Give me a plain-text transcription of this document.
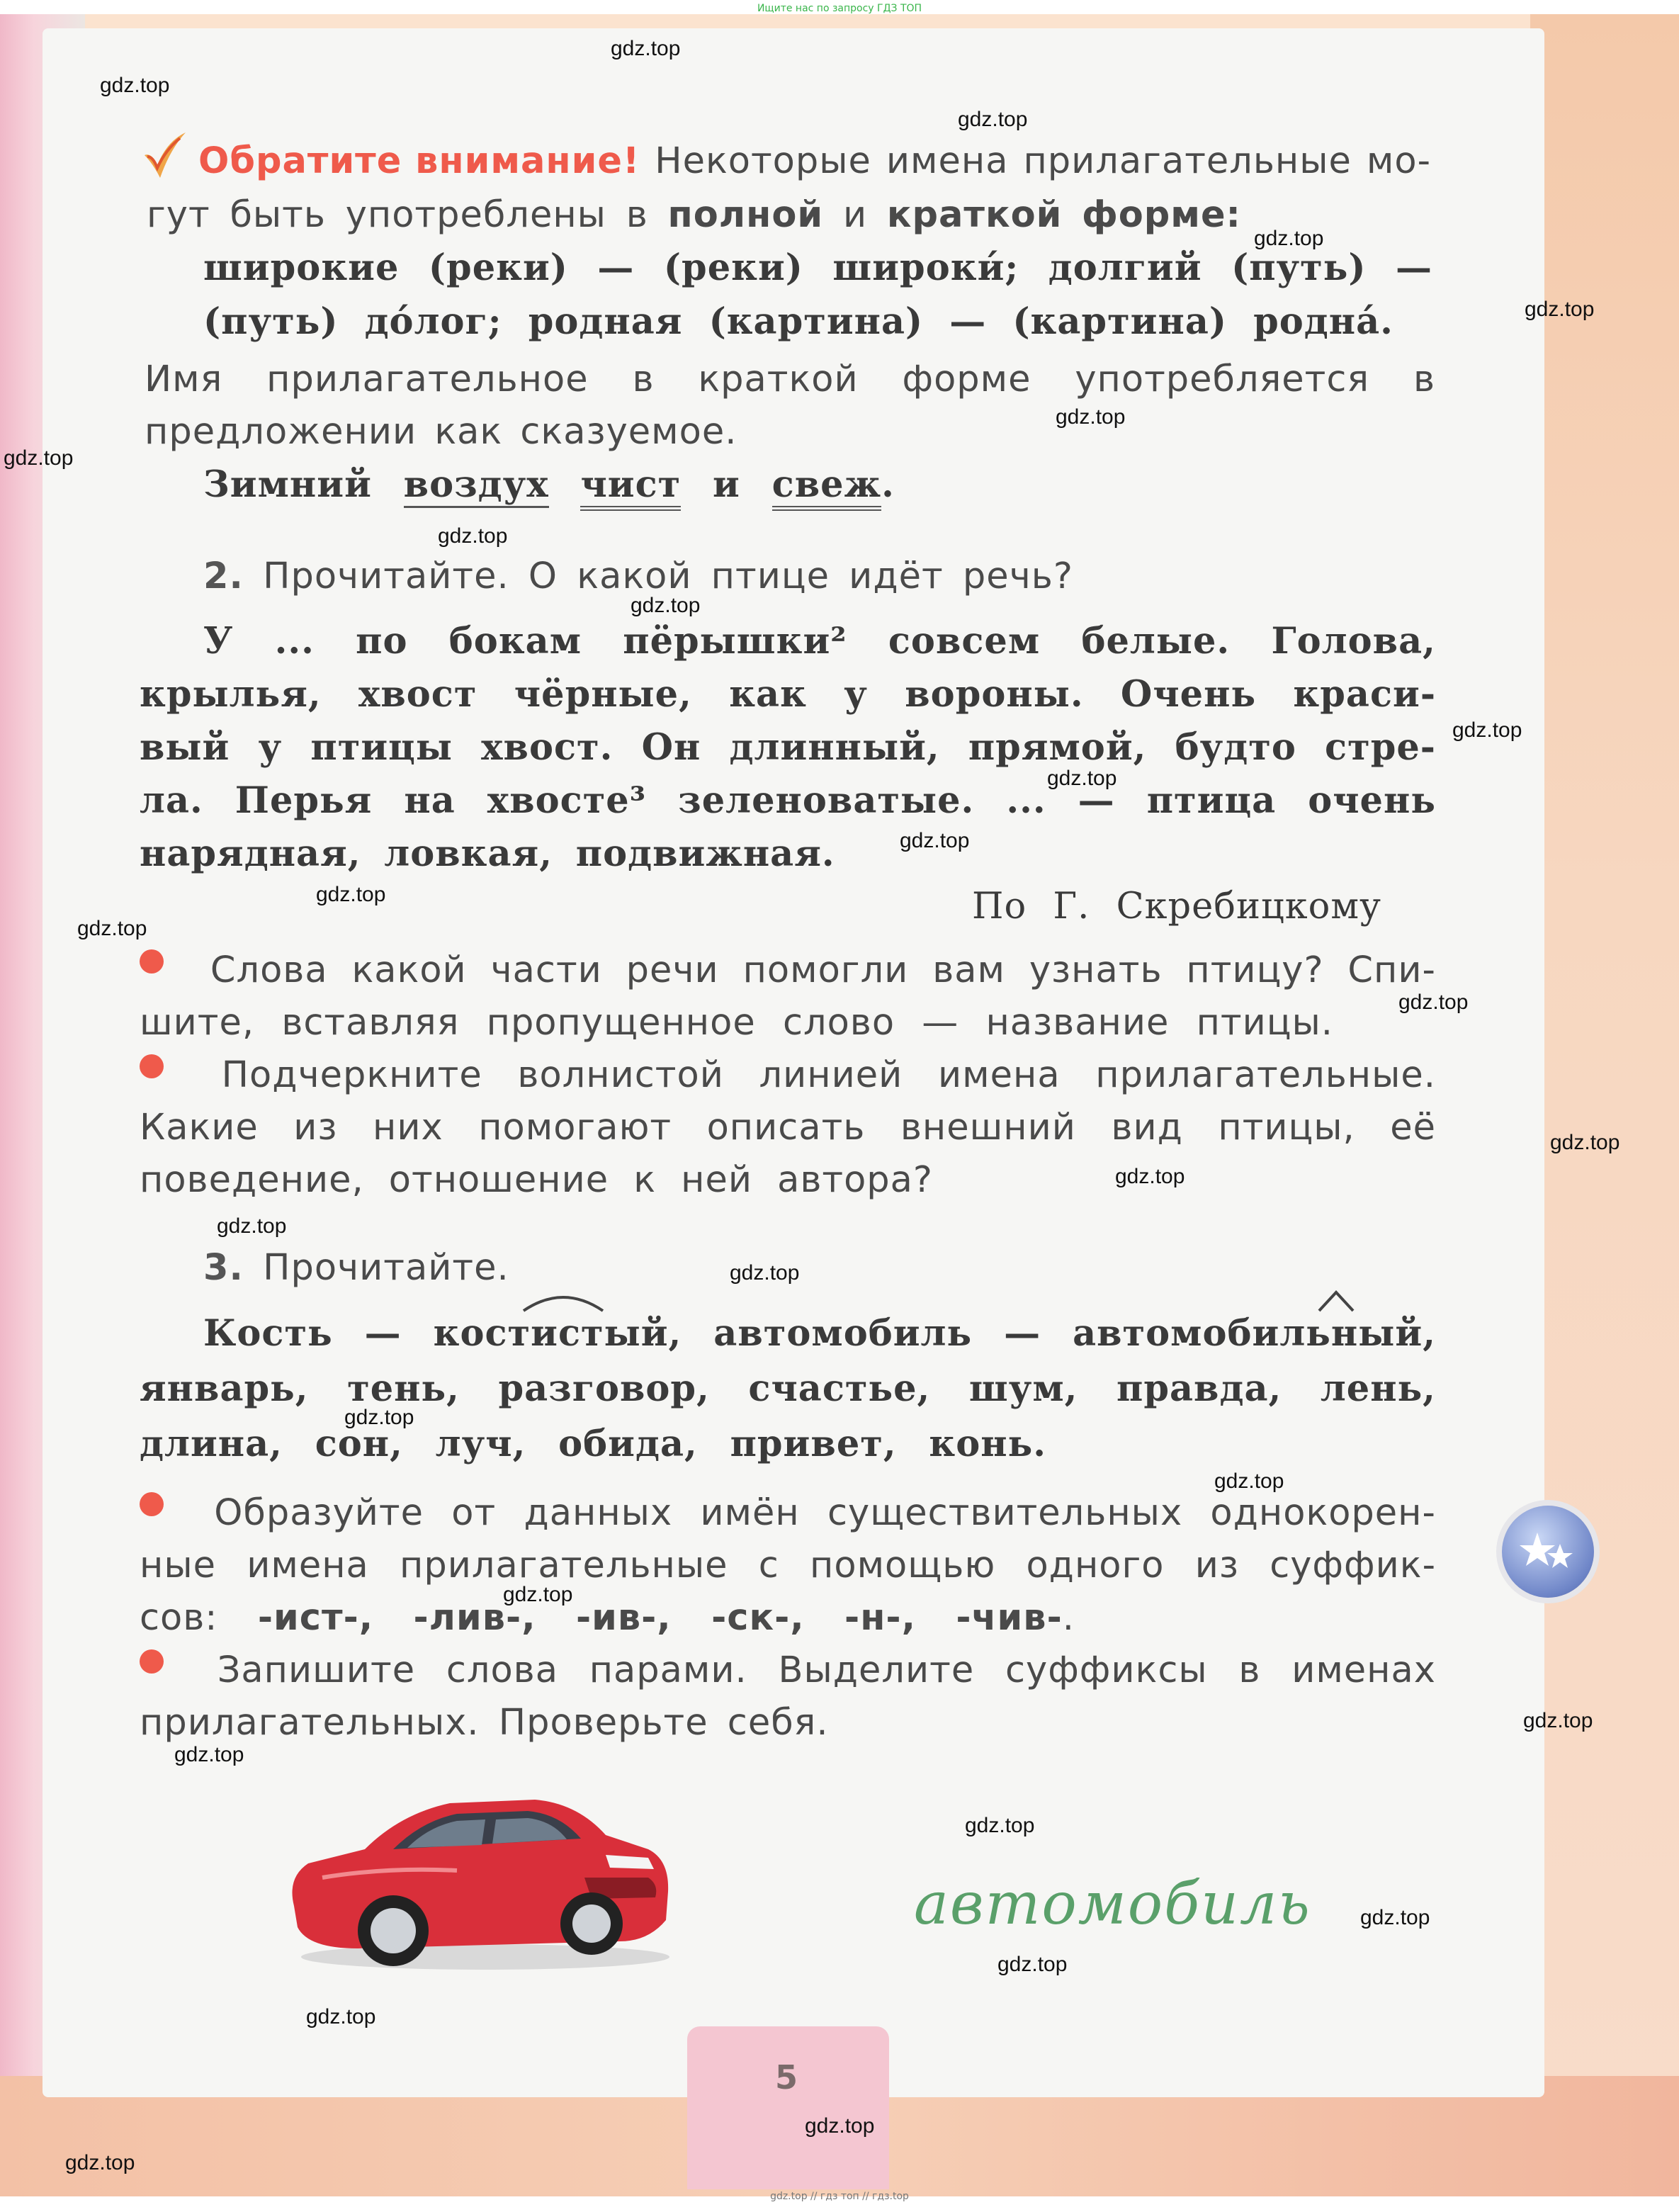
5
Ищите нас по запросу ГДЗ ТОП
gdz.top // гдз топ // гдз.top
Обратите внимание! Некоторые имена прилагательные мо-
гут быть употреблены в полной и краткой форме:
широкие (реки) — (реки) широки́; долгий (путь) —
(путь) до́лог; родная (картина) — (картина) родна́.
Имя прилагательное в краткой форме употребляется в
предложении как сказуемое.
Зимний воздух чист и свеж.
2. Прочитайте. О какой птице идёт речь?
У ... по бокам пёрышки² совсем белые. Голова,
крылья, хвост чёрные, как у вороны. Очень краси-
вый у птицы хвост. Он длинный, прямой, будто стре-
ла. Перья на хвосте³ зеленоватые. ... — птица очень
нарядная, ловкая, подвижная.
По Г. Скребицкому
Слова какой части речи помогли вам узнать птицу? Спи-
шите, вставляя пропущенное слово — название птицы.
Подчеркните волнистой линией имена прилагательные.
Какие из них помогают описать внешний вид птицы, её
поведение, отношение к ней автора?
3. Прочитайте.
Кость — костистый, автомобиль — автомобильный,
январь, тень, разговор, счастье, шум, правда, лень,
длина, сон, луч, обида, привет, конь.
Образуйте от данных имён существительных однокорен-
ные имена прилагательные с помощью одного из суффик-
сов: -ист-, -лив-, -ив-, -ск-, -н-, -чив-.
Запишите слова парами. Выделите суффиксы в именах
прилагательных. Проверьте себя.
автомобиль
gdz.top
gdz.top
gdz.top
gdz.top
gdz.top
gdz.top
gdz.top
gdz.top
gdz.top
gdz.top
gdz.top
gdz.top
gdz.top
gdz.top
gdz.top
gdz.top
gdz.top
gdz.top
gdz.top
gdz.top
gdz.top
gdz.top
gdz.top
gdz.top
gdz.top
gdz.top
gdz.top
gdz.top
gdz.top
gdz.top
